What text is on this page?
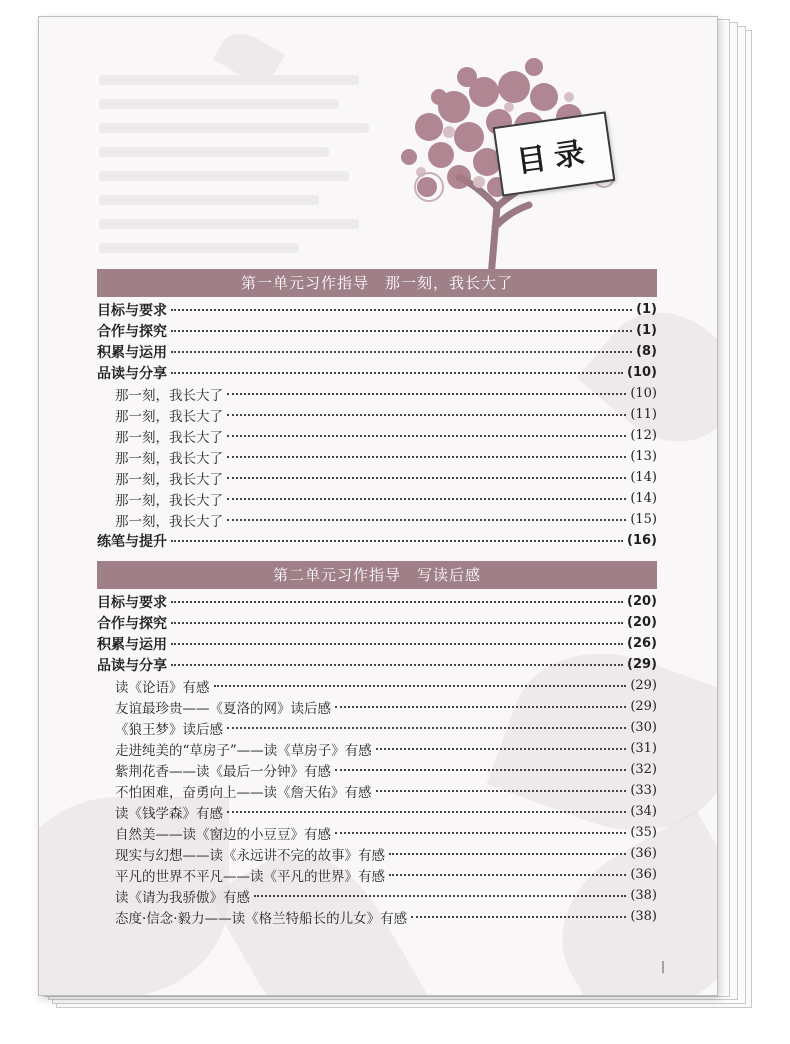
目录
第一单元习作指导　那一刻，我长大了
目标与要求	(1)
合作与探究	(1)
积累与运用	(8)
品读与分享	(10)
那一刻，我长大了	(10)
那一刻，我长大了	(11)
那一刻，我长大了	(12)
那一刻，我长大了	(13)
那一刻，我长大了	(14)
那一刻，我长大了	(14)
那一刻，我长大了	(15)
练笔与提升	(16)
第二单元习作指导　写读后感
目标与要求	(20)
合作与探究	(20)
积累与运用	(26)
品读与分享	(29)
读《论语》有感	(29)
友谊最珍贵——《夏洛的网》读后感	(29)
《狼王梦》读后感	(30)
走进纯美的“草房子”——读《草房子》有感	(31)
紫荆花香——读《最后一分钟》有感	(32)
不怕困难，奋勇向上——读《詹天佑》有感	(33)
读《钱学森》有感	(34)
自然美——读《窗边的小豆豆》有感	(35)
现实与幻想——读《永远讲不完的故事》有感	(36)
平凡的世界不平凡——读《平凡的世界》有感	(36)
读《请为我骄傲》有感	(38)
态度·信念·毅力——读《格兰特船长的儿女》有感	(38)
|
